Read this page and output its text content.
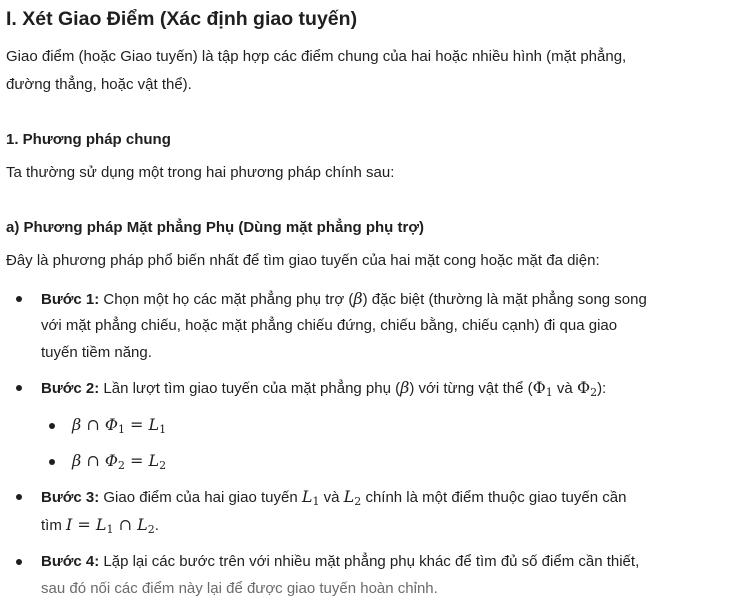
I. Xét Giao Điểm (Xác định giao tuyến)
Giao điểm (hoặc Giao tuyến) là tập hợp các điểm chung của hai hoặc nhiều hình (mặt phẳng,
đường thẳng, hoặc vật thể).
1. Phương pháp chung
Ta thường sử dụng một trong hai phương pháp chính sau:
a) Phương pháp Mặt phẳng Phụ (Dùng mặt phẳng phụ trợ)
Đây là phương pháp phổ biến nhất để tìm giao tuyến của hai mặt cong hoặc mặt đa diện:
Bước 1: Chọn một họ các mặt phẳng phụ trợ (β) đặc biệt (thường là mặt phẳng song song
với mặt phẳng chiếu, hoặc mặt phẳng chiếu đứng, chiếu bằng, chiếu cạnh) đi qua giao
tuyến tiềm năng.
Bước 2: Lần lượt tìm giao tuyến của mặt phẳng phụ (β) với từng vật thể ($\Phi_1$ và $\Phi_2$):
β ∩ $\Phi_1 = L_1$
β ∩ $\Phi_2 = L_2$
Bước 3: Giao điểm của hai giao tuyến $L_1$ và $L_2$ chính là một điểm thuộc giao tuyến cần
tìm $I = L_1$ ∩ $L_2$.
Bước 4: Lặp lại các bước trên với nhiều mặt phẳng phụ khác để tìm đủ số điểm cần thiết,
sau đó nối các điểm này lại để được giao tuyến hoàn chỉnh.
